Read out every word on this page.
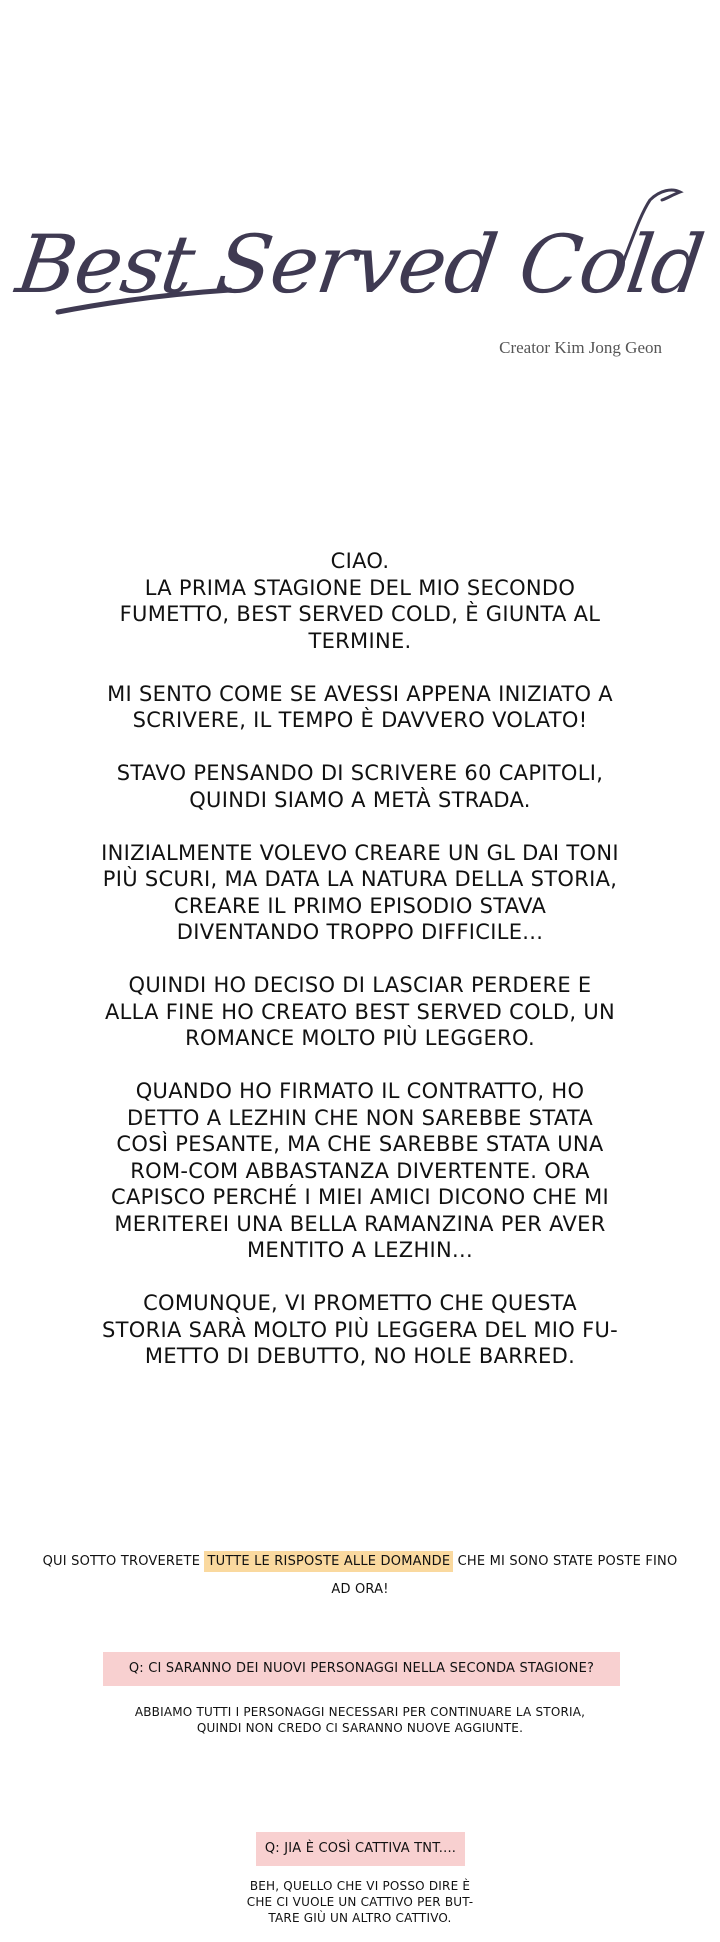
Best Served Cold
Creator Kim Jong Geon

CIAO.
LA PRIMA STAGIONE DEL MIO SECONDO FUMETTO, BEST SERVED COLD, È GIUNTA AL TERMINE.

MI SENTO COME SE AVESSI APPENA INIZIATO A SCRIVERE, IL TEMPO È DAVVERO VOLATO!

STAVO PENSANDO DI SCRIVERE 60 CAPITOLI, QUINDI SIAMO A METÀ STRADA.

INIZIALMENTE VOLEVO CREARE UN GL DAI TONI PIÙ SCURI, MA DATA LA NATURA DELLA STORIA, CREARE IL PRIMO EPISODIO STAVA DIVENTANDO TROPPO DIFFICILE...

QUINDI HO DECISO DI LASCIAR PERDERE E ALLA FINE HO CREATO BEST SERVED COLD, UN ROMANCE MOLTO PIÙ LEGGERO.

QUANDO HO FIRMATO IL CONTRATTO, HO DETTO A LEZHIN CHE NON SAREBBE STATA COSÌ PESANTE, MA CHE SAREBBE STATA UNA ROM-COM ABBASTANZA DIVERTENTE. ORA CAPISCO PERCHÉ I MIEI AMICI DICONO CHE MI MERITEREI UNA BELLA RAMANZINA PER AVER MENTITO A LEZHIN...

COMUNQUE, VI PROMETTO CHE QUESTA STORIA SARÀ MOLTO PIÙ LEGGERA DEL MIO FU-METTO DI DEBUTTO, NO HOLE BARRED.

QUI SOTTO TROVERETE TUTTE LE RISPOSTE ALLE DOMANDE CHE MI SONO STATE POSTE FINO AD ORA!
Q: CI SARANNO DEI NUOVI PERSONAGGI NELLA SECONDA STAGIONE?
ABBIAMO TUTTI I PERSONAGGI NECESSARI PER CONTINUARE LA STORIA,
QUINDI NON CREDO CI SARANNO NUOVE AGGIUNTE.
Q: JIA È COSÌ CATTIVA TNT....
BEH, QUELLO CHE VI POSSO DIRE È
CHE CI VUOLE UN CATTIVO PER BUT-
TARE GIÙ UN ALTRO CATTIVO.
